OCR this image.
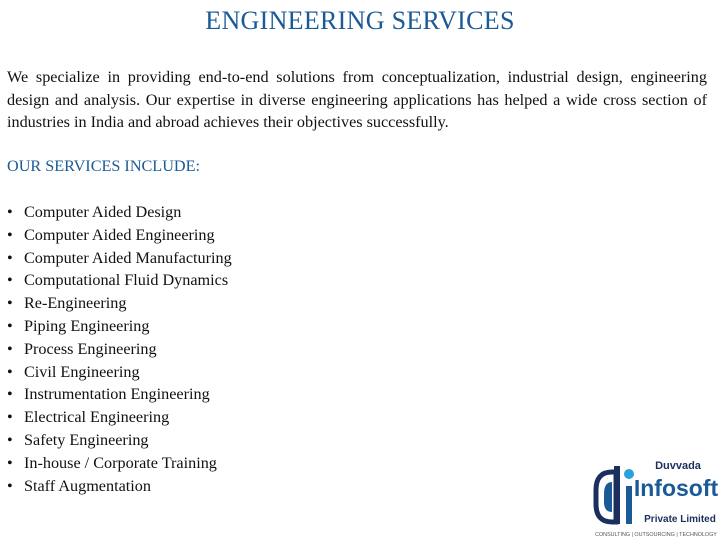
ENGINEERING SERVICES

We specialize in providing end-to-end solutions from conceptualization, industrial design, engineering design and analysis. Our expertise in diverse engineering applications has helped a wide cross section of industries in India and abroad achieves their objectives successfully.

OUR SERVICES INCLUDE:
• Computer Aided Design
• Computer Aided Engineering
• Computer Aided Manufacturing
• Computational Fluid Dynamics
• Re-Engineering
• Piping Engineering
• Process Engineering
• Civil Engineering
• Instrumentation Engineering
• Electrical Engineering
• Safety Engineering
• In-house / Corporate Training
• Staff Augmentation
Duvvada
Infosoft
Private Limited
CONSULTING | OUTSOURCING | TECHNOLOGY
